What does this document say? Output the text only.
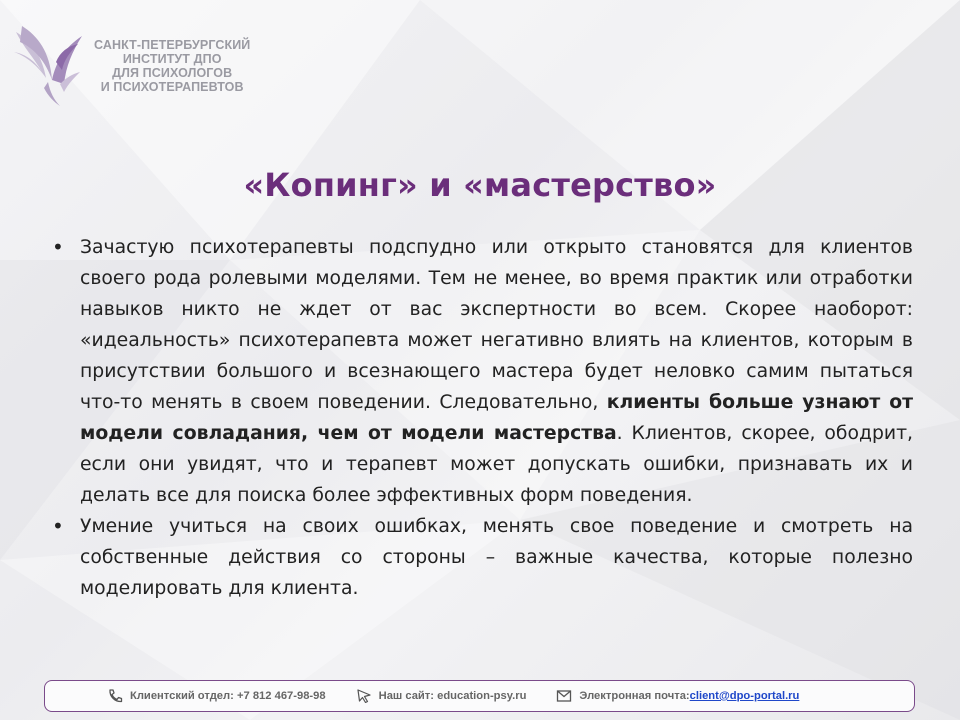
САНКТ-ПЕТЕРБУРГСКИЙ
ИНСТИТУТ ДПО
ДЛЯ ПСИХОЛОГОВ
И ПСИХОТЕРАПЕВТОВ
«Копинг» и «мастерство»
• Зачастую психотерапевты подспудно или открыто становятся для клиентов своего рода ролевыми моделями. Тем не менее, во время практик или отработки навыков никто не ждет от вас экспертности во всем. Скорее наоборот: «идеальность» психотерапевта может негативно влиять на клиентов, которым в присутствии большого и всезнающего мастера будет неловко самим пытаться что-то менять в своем поведении. Следовательно, клиенты больше узнают от модели совладания, чем от модели мастерства. Клиентов, скорее, ободрит, если они увидят, что и терапевт может допускать ошибки, признавать их и делать все для поиска более эффективных форм поведения.
• Умение учиться на своих ошибках, менять свое поведение и смотреть на собственные действия со стороны – важные качества, которые полезно моделировать для клиента.
Клиентский отдел: +7 812 467-98-98	Наш сайт: education-psy.ru	Электронная почта: client@dpo-portal.ru
